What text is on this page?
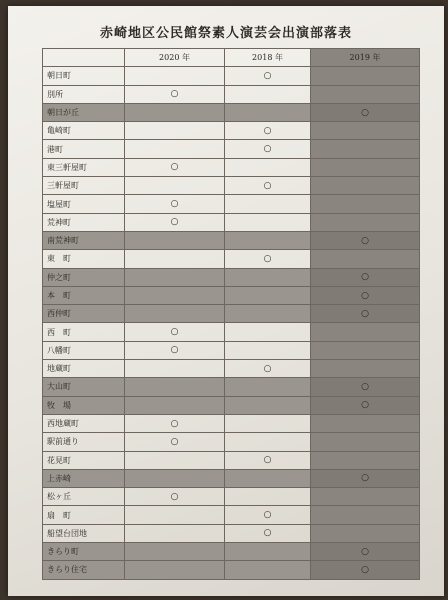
赤崎地区公民館祭素人演芸会出演部落表
	2020 年	2018 年	2019 年
朝日町		○	
別所	○		
朝日が丘			○
亀崎町		○	
港町		○	
東三軒屋町	○		
三軒屋町		○	
塩屋町	○		
荒神町	○		
南荒神町			○
東　町		○	
仲之町			○
本　町			○
西仲町			○
西　町	○		
八幡町	○		
地蔵町		○	
大山町			○
牧　場			○
西地蔵町	○		
駅前通り	○		
花見町		○	
上赤崎			○
松ヶ丘	○		
扇　町		○	
船望台団地		○	
きらり町			○
きらり住宅			○
